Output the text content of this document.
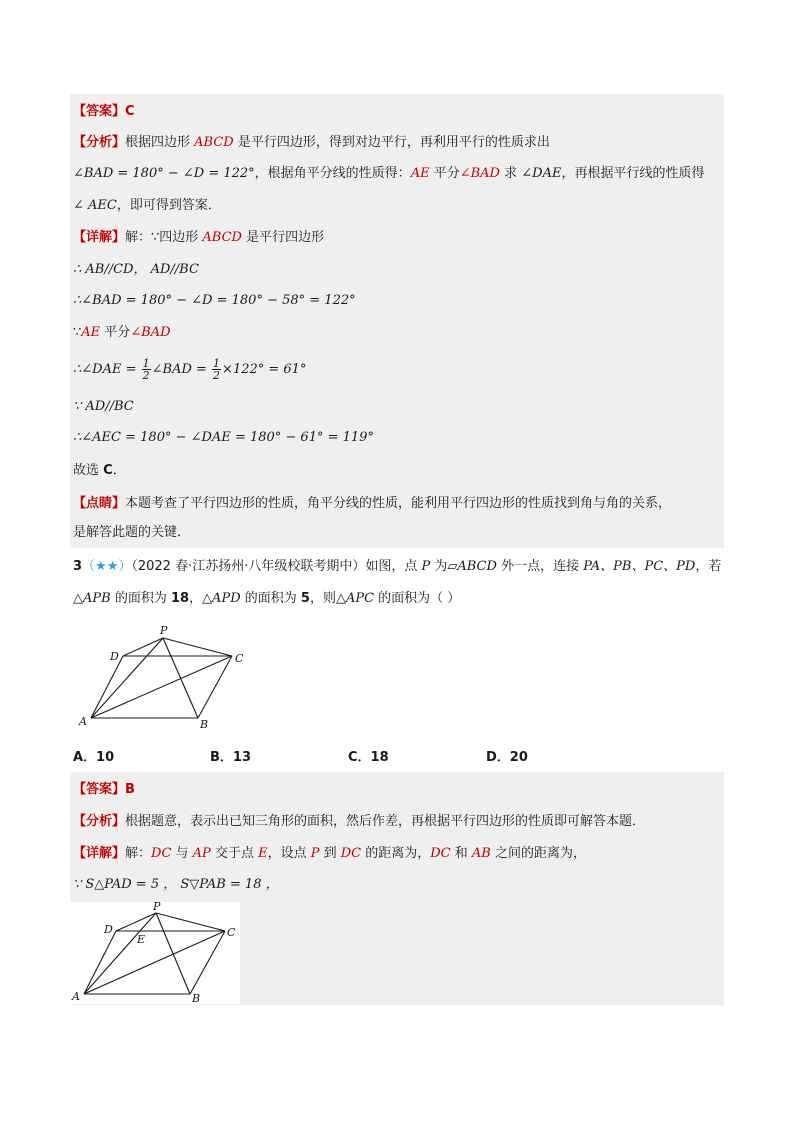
【答案】C
【分析】根据四边形 ABCD 是平行四边形，得到对边平行，再利用平行的性质求出
∠BAD = 180° − ∠D = 122°，根据角平分线的性质得：AE 平分∠BAD 求 ∠DAE，再根据平行线的性质得
∠ AEC，即可得到答案．
【详解】解：∵四边形 ABCD 是平行四边形
∴ AB//CD， AD//BC
∴∠BAD = 180° − ∠D = 180° − 58° = 122°
∵AE 平分∠BAD
∴∠DAE = $\frac{1}{2}$ ∠BAD = $\frac{1}{2} \times 122^\circ = 61^\circ$
∵ AD//BC
∴∠AEC = 180° − ∠DAE = 180° − 61° = 119°
故选 C．
【点睛】本题考查了平行四边形的性质，角平分线的性质，能利用平行四边形的性质找到角与角的关系，
是解答此题的关键．
3（★★）（2022 春·江苏扬州·八年级校联考期中）如图，点 P 为▱ABCD 外一点，连接 PA、PB、PC、PD，若
△APB 的面积为 18，△APD 的面积为 5，则△APC 的面积为（ ）
P
D	C
A	B
A．10	B．13	C．18	D．20
【答案】B
【分析】根据题意，表示出已知三角形的面积，然后作差，再根据平行四边形的性质即可解答本题．
【详解】解：DC 与 AP 交于点 E，设点 P 到 DC 的距离为，DC 和 AB 之间的距离为，
∵ S△PAD = 5 ， S▽PAB = 18 ，
P
D
E
C
A	B
